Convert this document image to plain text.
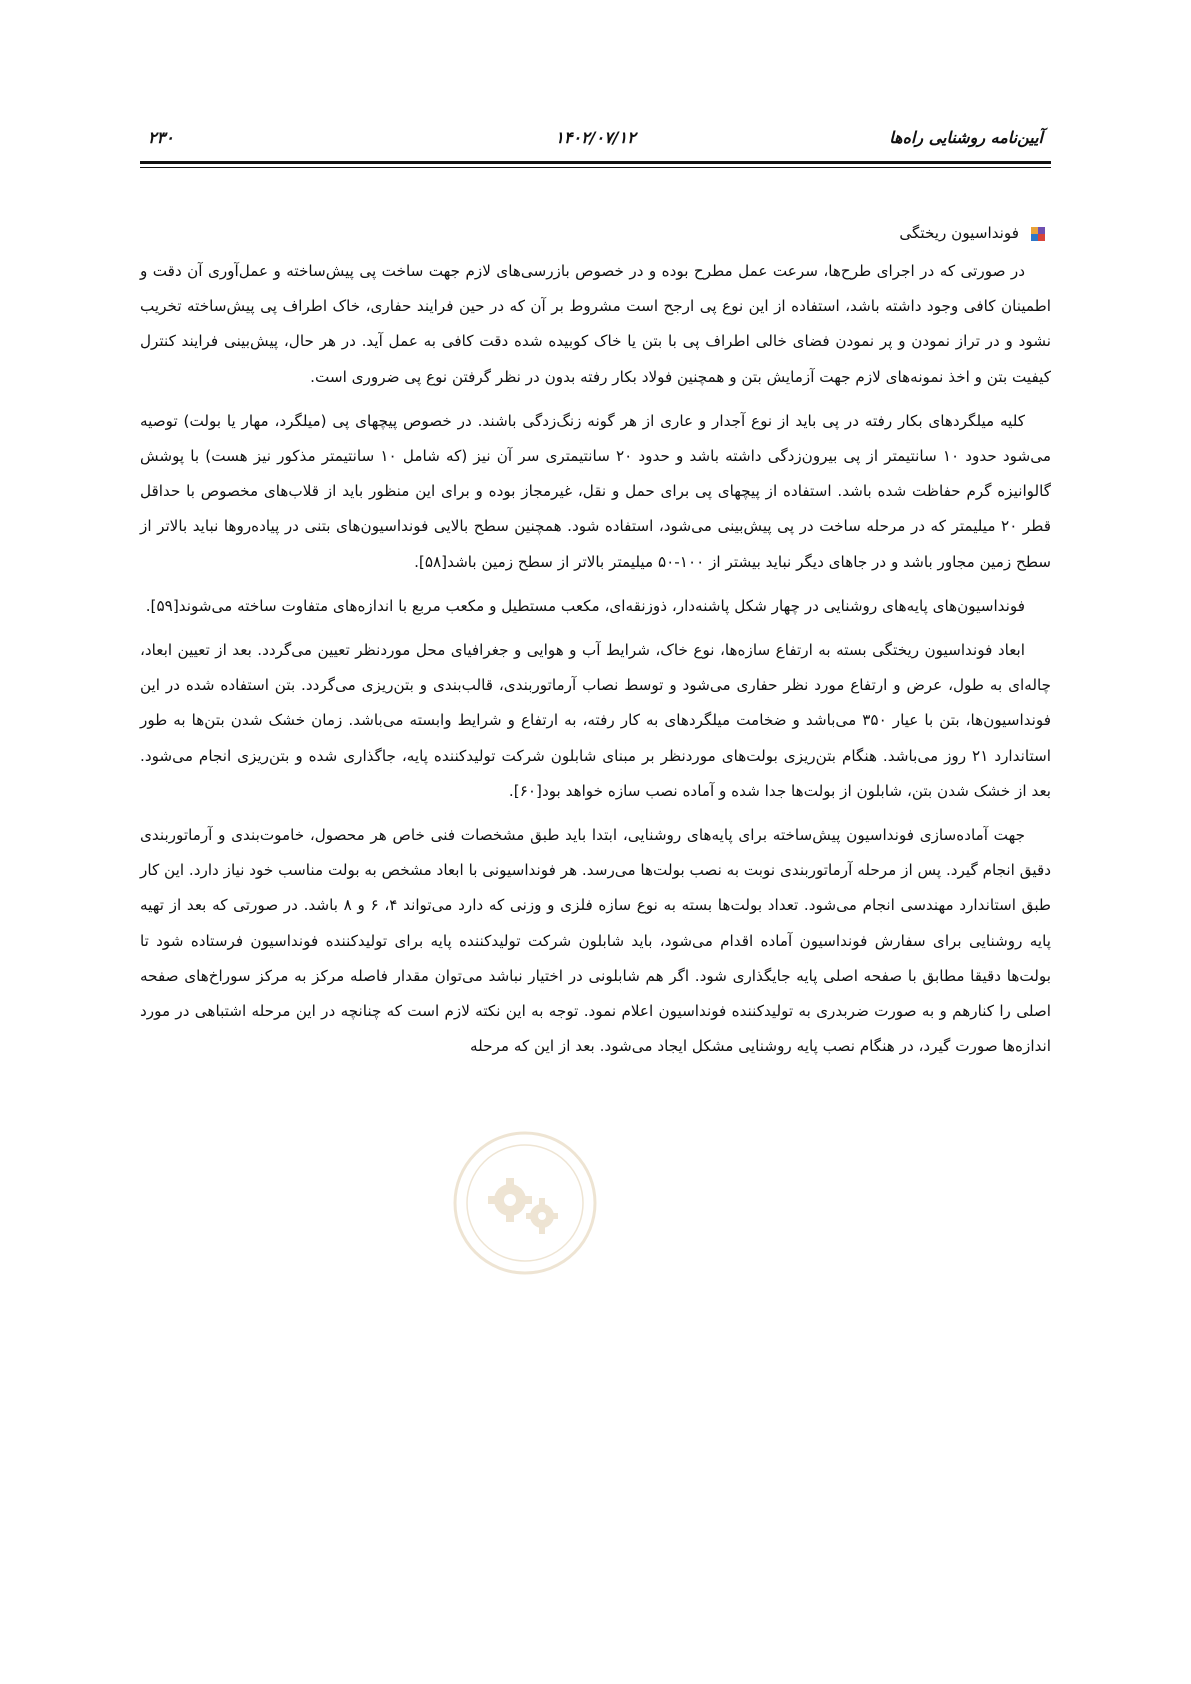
۲۳۰	۱۴۰۲/۰۷/۱۲	آیین‌نامه روشنایی راه‌ها
فونداسیون ریختگی

در صورتی که در اجرای طرح‌ها، سرعت عمل مطرح بوده و در خصوص بازرسی‌های لازم جهت ساخت پی پیش‌ساخته و عمل‌آوری آن دقت و اطمینان کافی وجود داشته باشد، استفاده از این نوع پی ارجح است مشروط بر آن که در حین فرایند حفاری، خاک اطراف پی پیش‌ساخته تخریب نشود و در تراز نمودن و پر نمودن فضای خالی اطراف پی با بتن یا خاک کوبیده شده دقت کافی به عمل آید. در هر حال، پیش‌بینی فرایند کنترل کیفیت بتن و اخذ نمونه‌های لازم جهت آزمایش بتن و همچنین فولاد بکار رفته بدون در نظر گرفتن نوع پی ضروری است.

کلیه میلگردهای بکار رفته در پی باید از نوع آجدار و عاری از هر گونه زنگ‌زدگی باشند. در خصوص پیچهای پی (میلگرد، مهار یا بولت) توصیه می‌شود حدود ۱۰ سانتیمتر از پی بیرون‌زدگی داشته باشد و حدود ۲۰ سانتیمتری سر آن نیز (که شامل ۱۰ سانتیمتر مذکور نیز هست) با پوشش گالوانیزه گرم حفاظت شده باشد. استفاده از پیچهای پی برای حمل و نقل، غیرمجاز بوده و برای این منظور باید از قلاب‌های مخصوص با حداقل قطر ۲۰ میلیمتر که در مرحله ساخت در پی پیش‌بینی می‌شود، استفاده شود. همچنین سطح بالایی فونداسیون‌های بتنی در پیاده‌روها نباید بالاتر از سطح زمین مجاور باشد و در جاهای دیگر نباید بیشتر از ۱۰۰-۵۰ میلیمتر بالاتر از سطح زمین باشد[۵۸].

فونداسیون‌های پایه‌های روشنایی در چهار شکل پاشنه‌دار، ذوزنقه‌ای، مکعب مستطیل و مکعب مربع با اندازه‌های متفاوت ساخته می‌شوند[۵۹].

ابعاد فونداسیون ریختگی بسته به ارتفاع سازه‌ها، نوع خاک، شرایط آب و هوایی و جغرافیای محل موردنظر تعیین می‌گردد. بعد از تعیین ابعاد، چاله‌ای به طول، عرض و ارتفاع مورد نظر حفاری می‌شود و توسط نصاب آرماتوربندی، قالب‌بندی و بتن‌ریزی می‌گردد. بتن استفاده شده در این فونداسیون‌ها، بتن با عیار ۳۵۰ می‌باشد و ضخامت میلگردهای به کار رفته، به ارتفاع و شرایط وابسته می‌باشد. زمان خشک شدن بتن‌ها به طور استاندارد ۲۱ روز می‌باشد. هنگام بتن‌ریزی بولت‌های موردنظر بر مبنای شابلون شرکت تولیدکننده پایه، جاگذاری شده و بتن‌ریزی انجام می‌شود. بعد از خشک شدن بتن، شابلون از بولت‌ها جدا شده و آماده نصب سازه خواهد بود[۶۰].

جهت آماده‌سازی فونداسیون پیش‌ساخته برای پایه‌های روشنایی، ابتدا باید طبق مشخصات فنی خاص هر محصول، خاموت‌بندی و آرماتوربندی دقیق انجام گیرد. پس از مرحله آرماتوربندی نوبت به نصب بولت‌ها می‌رسد. هر فونداسیونی با ابعاد مشخص به بولت مناسب خود نیاز دارد. این کار طبق استاندارد مهندسی انجام می‌شود. تعداد بولت‌ها بسته به نوع سازه فلزی و وزنی که دارد می‌تواند ۴، ۶ و ۸ باشد. در صورتی که بعد از تهیه پایه روشنایی برای سفارش فونداسیون آماده اقدام می‌شود، باید شابلون شرکت تولیدکننده پایه برای تولیدکننده فونداسیون فرستاده شود تا بولت‌ها دقیقا مطابق با صفحه اصلی پایه جایگذاری شود. اگر هم شابلونی در اختیار نباشد می‌توان مقدار فاصله مرکز به مرکز سوراخ‌های صفحه اصلی را کنارهم و به صورت ضربدری به تولیدکننده فونداسیون اعلام نمود. توجه به این نکته لازم است که چنانچه در این مرحله اشتباهی در مورد اندازه‌ها صورت گیرد، در هنگام نصب پایه روشنایی مشکل ایجاد می‌شود. بعد از این که مرحله
